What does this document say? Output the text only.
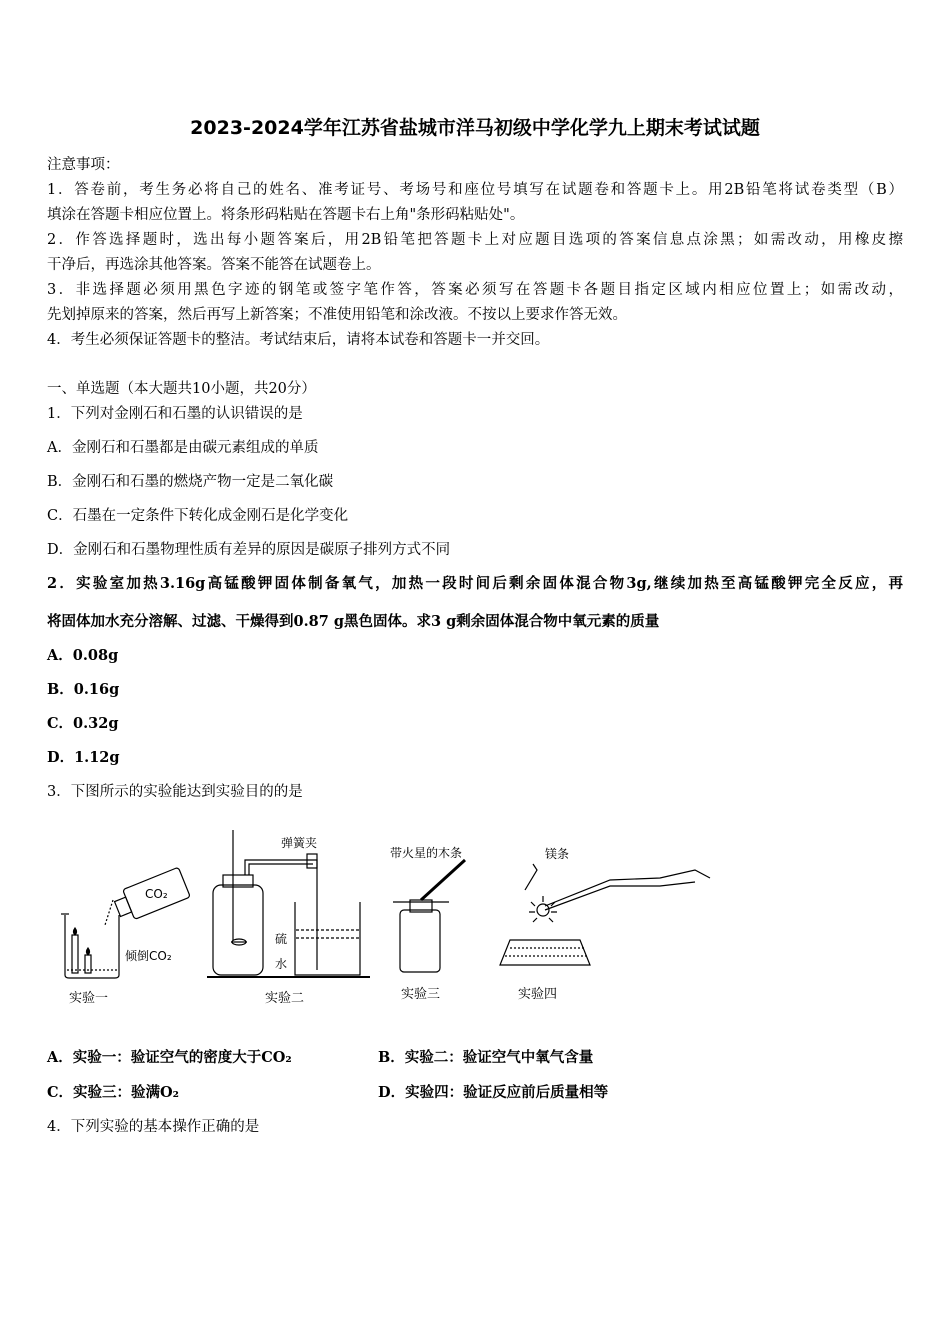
2023-2024学年江苏省盐城市洋马初级中学化学九上期末考试试题
注意事项：
1．答卷前，考生务必将自己的姓名、准考证号、考场号和座位号填写在试题卷和答题卡上。用2B铅笔将试卷类型（B）
填涂在答题卡相应位置上。将条形码粘贴在答题卡右上角"条形码粘贴处"。
2．作答选择题时，选出每小题答案后，用2B铅笔把答题卡上对应题目选项的答案信息点涂黑；如需改动，用橡皮擦
干净后，再选涂其他答案。答案不能答在试题卷上。
3．非选择题必须用黑色字迹的钢笔或签字笔作答，答案必须写在答题卡各题目指定区域内相应位置上；如需改动，
先划掉原来的答案，然后再写上新答案；不准使用铅笔和涂改液。不按以上要求作答无效。
4．考生必须保证答题卡的整洁。考试结束后，请将本试卷和答题卡一并交回。
一、单选题（本大题共10小题，共20分）
1．下列对金刚石和石墨的认识错误的是
A．金刚石和石墨都是由碳元素组成的单质
B．金刚石和石墨的燃烧产物一定是二氧化碳
C．石墨在一定条件下转化成金刚石是化学变化
D．金刚石和石墨物理性质有差异的原因是碳原子排列方式不同
2．实验室加热3.16g高锰酸钾固体制备氧气，加热一段时间后剩余固体混合物3g,继续加热至高锰酸钾完全反应，再
将固体加水充分溶解、过滤、干燥得到0.87 g黑色固体。求3 g剩余固体混合物中氧元素的质量
A．0.08g
B．0.16g
C．0.32g
D．1.12g
3．下图所示的实验能达到实验目的的是
CO₂
倾倒CO₂
实验一
弹簧夹
硫
水
实验二
带火星的木条
实验三
镁条
实验四
A．实验一：验证空气的密度大于CO₂	B．实验二：验证空气中氧气含量
C．实验三：验满O₂	D．实验四：验证反应前后质量相等
4．下列实验的基本操作正确的是
